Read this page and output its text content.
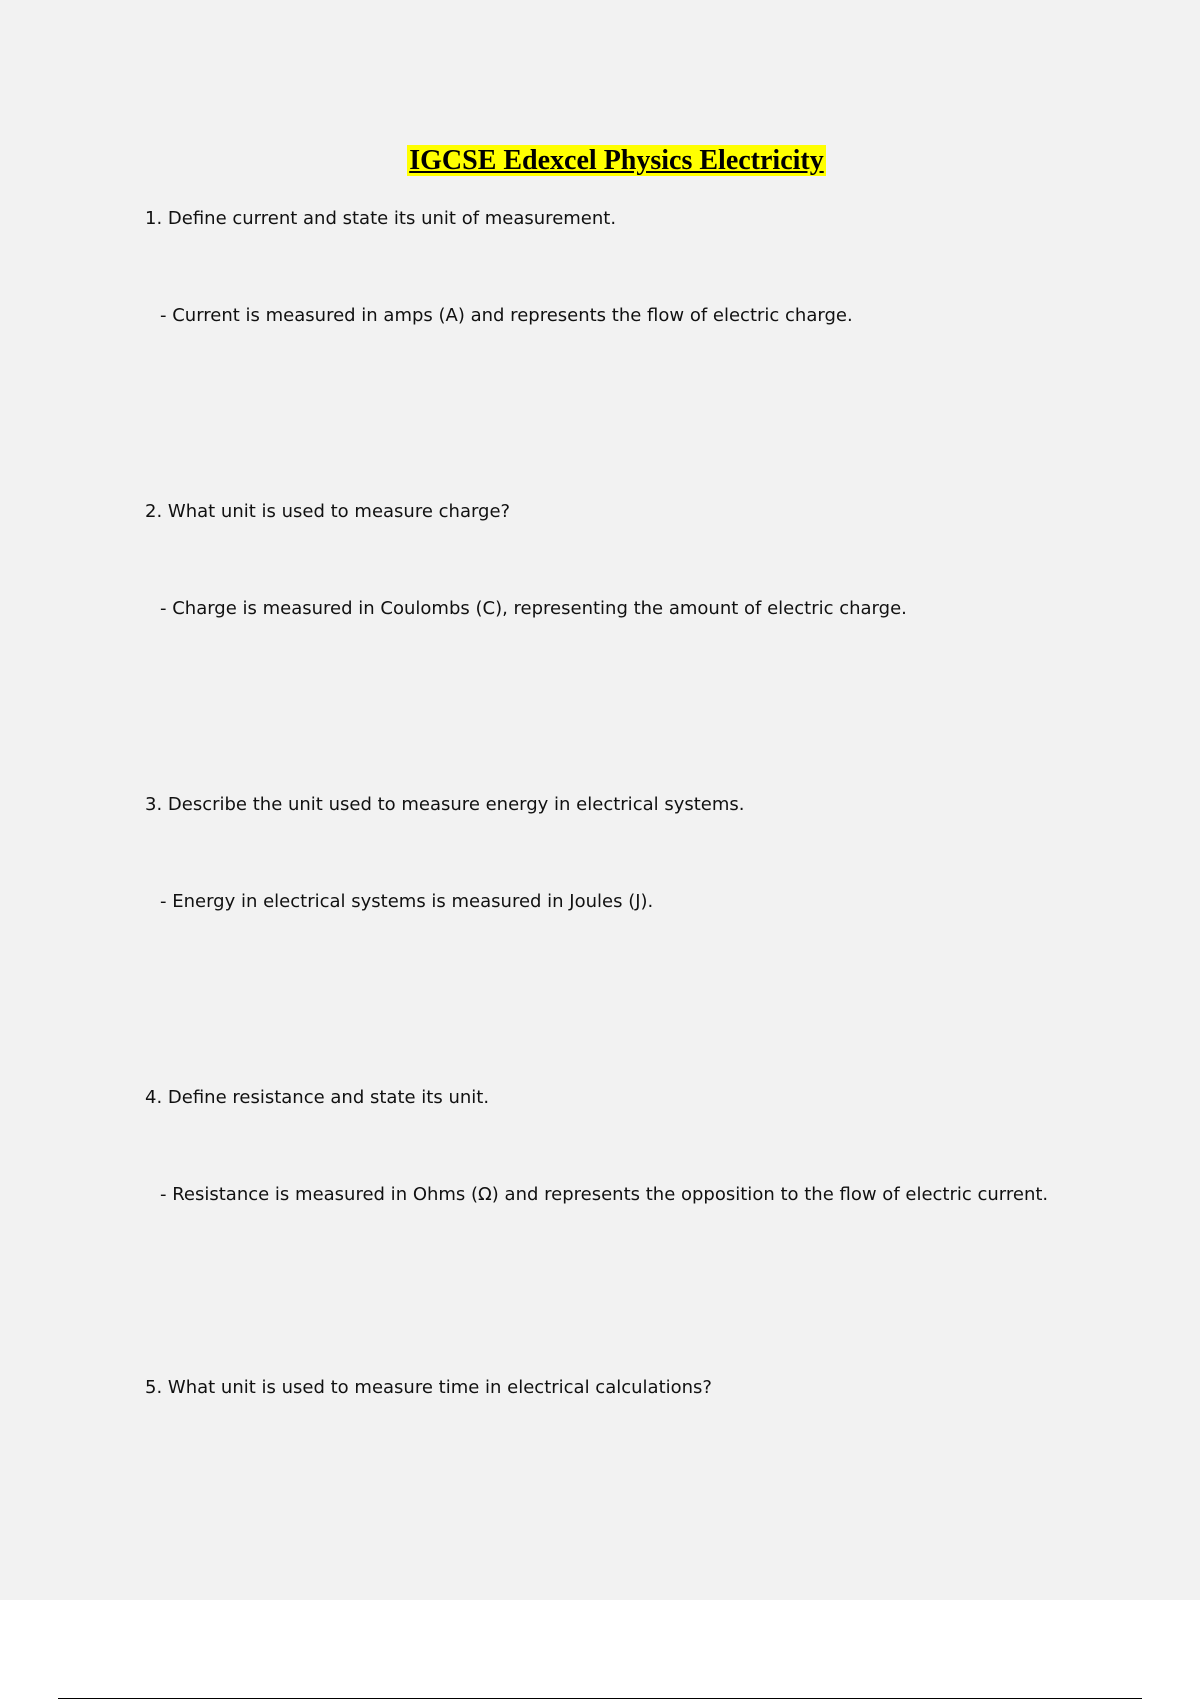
IGCSE Edexcel Physics Electricity

1. Define current and state its unit of measurement.

- Current is measured in amps (A) and represents the flow of electric charge.

2. What unit is used to measure charge?

- Charge is measured in Coulombs (C), representing the amount of electric charge.

3. Describe the unit used to measure energy in electrical systems.

- Energy in electrical systems is measured in Joules (J).

4. Define resistance and state its unit.

- Resistance is measured in Ohms (Ω) and represents the opposition to the flow of electric current.

5. What unit is used to measure time in electrical calculations?
